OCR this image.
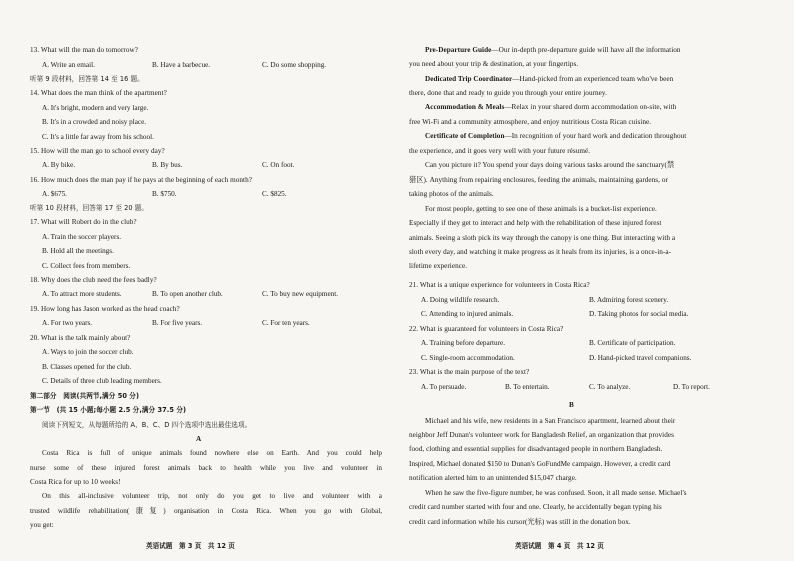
13. What will the man do tomorrow?
A. Write an email.	B. Have a barbecue.	C. Do some shopping.
听第 9 段材料，回答第 14 至 16 题。
14. What does the man think of the apartment?
A. It's bright, modern and very large.
B. It's in a crowded and noisy place.
C. It's a little far away from his school.
15. How will the man go to school every day?
A. By bike.	B. By bus.	C. On foot.
16. How much does the man pay if he pays at the beginning of each month?
A. $675.	B. $750.	C. $825.
听第 10 段材料，回答第 17 至 20 题。
17. What will Robert do in the club?
A. Train the soccer players.
B. Hold all the meetings.
C. Collect fees from members.
18. Why does the club need the fees badly?
A. To attract more students.	B. To open another club.	C. To buy new equipment.
19. How long has Jason worked as the head coach?
A. For two years.	B. For five years.	C. For ten years.
20. What is the talk mainly about?
A. Ways to join the soccer club.
B. Classes opened for the club.
C. Details of three club leading members.
第二部分　阅读(共两节,满分 50 分)
第一节　(共 15 小题;每小题 2.5 分,满分 37.5 分)
阅读下列短文，从每题所给的 A、B、C、D 四个选项中选出最佳选项。
A
Costa Rica is full of unique animals found nowhere else on Earth. And you could help
nurse some of these injured forest animals back to health while you live and volunteer in
Costa Rica for up to 10 weeks!
On this all-inclusive volunteer trip, not only do you get to live and volunteer with a
trusted wildlife rehabilitation(康复) organisation in Costa Rica. When you go with Global,
you get:
英语试题　第 3 页　共 12 页
Pre-Departure Guide—Our in-depth pre-departure guide will have all the information
you need about your trip & destination, at your fingertips.
Dedicated Trip Coordinator—Hand-picked from an experienced team who've been
there, done that and ready to guide you through your entire journey.
Accommodation & Meals—Relax in your shared dorm accommodation on-site, with
free Wi-Fi and a community atmosphere, and enjoy nutritious Costa Rican cuisine.
Certificate of Completion—In recognition of your hard work and dedication throughout
the experience, and it goes very well with your future résumé.
Can you picture it? You spend your days doing various tasks around the sanctuary(禁
猎区). Anything from repairing enclosures, feeding the animals, maintaining gardens, or
taking photos of the animals.
For most people, getting to see one of these animals is a bucket-list experience.
Especially if they get to interact and help with the rehabilitation of these injured forest
animals. Seeing a sloth pick its way through the canopy is one thing. But interacting with a
sloth every day, and watching it make progress as it heals from its injuries, is a once-in-a-
lifetime experience.
21. What is a unique experience for volunteers in Costa Rica?
A. Doing wildlife research.	B. Admiring forest scenery.
C. Attending to injured animals.	D. Taking photos for social media.
22. What is guaranteed for volunteers in Costa Rica?
A. Training before departure.	B. Certificate of participation.
C. Single-room accommodation.	D. Hand-picked travel companions.
23. What is the main purpose of the text?
A. To persuade.	B. To entertain.	C. To analyze.	D. To report.
B
Michael and his wife, new residents in a San Francisco apartment, learned about their
neighbor Jeff Dunan's volunteer work for Bangladesh Relief, an organization that provides
food, clothing and essential supplies for disadvantaged people in northern Bangladesh.
Inspired, Michael donated $150 to Dunan's GoFundMe campaign. However, a credit card
notification alerted him to an unintended $15,047 charge.
When he saw the five-figure number, he was confused. Soon, it all made sense. Michael's
credit card number started with four and one. Clearly, he accidentally began typing his
credit card information while his cursor(光标) was still in the donation box.
英语试题　第 4 页　共 12 页
